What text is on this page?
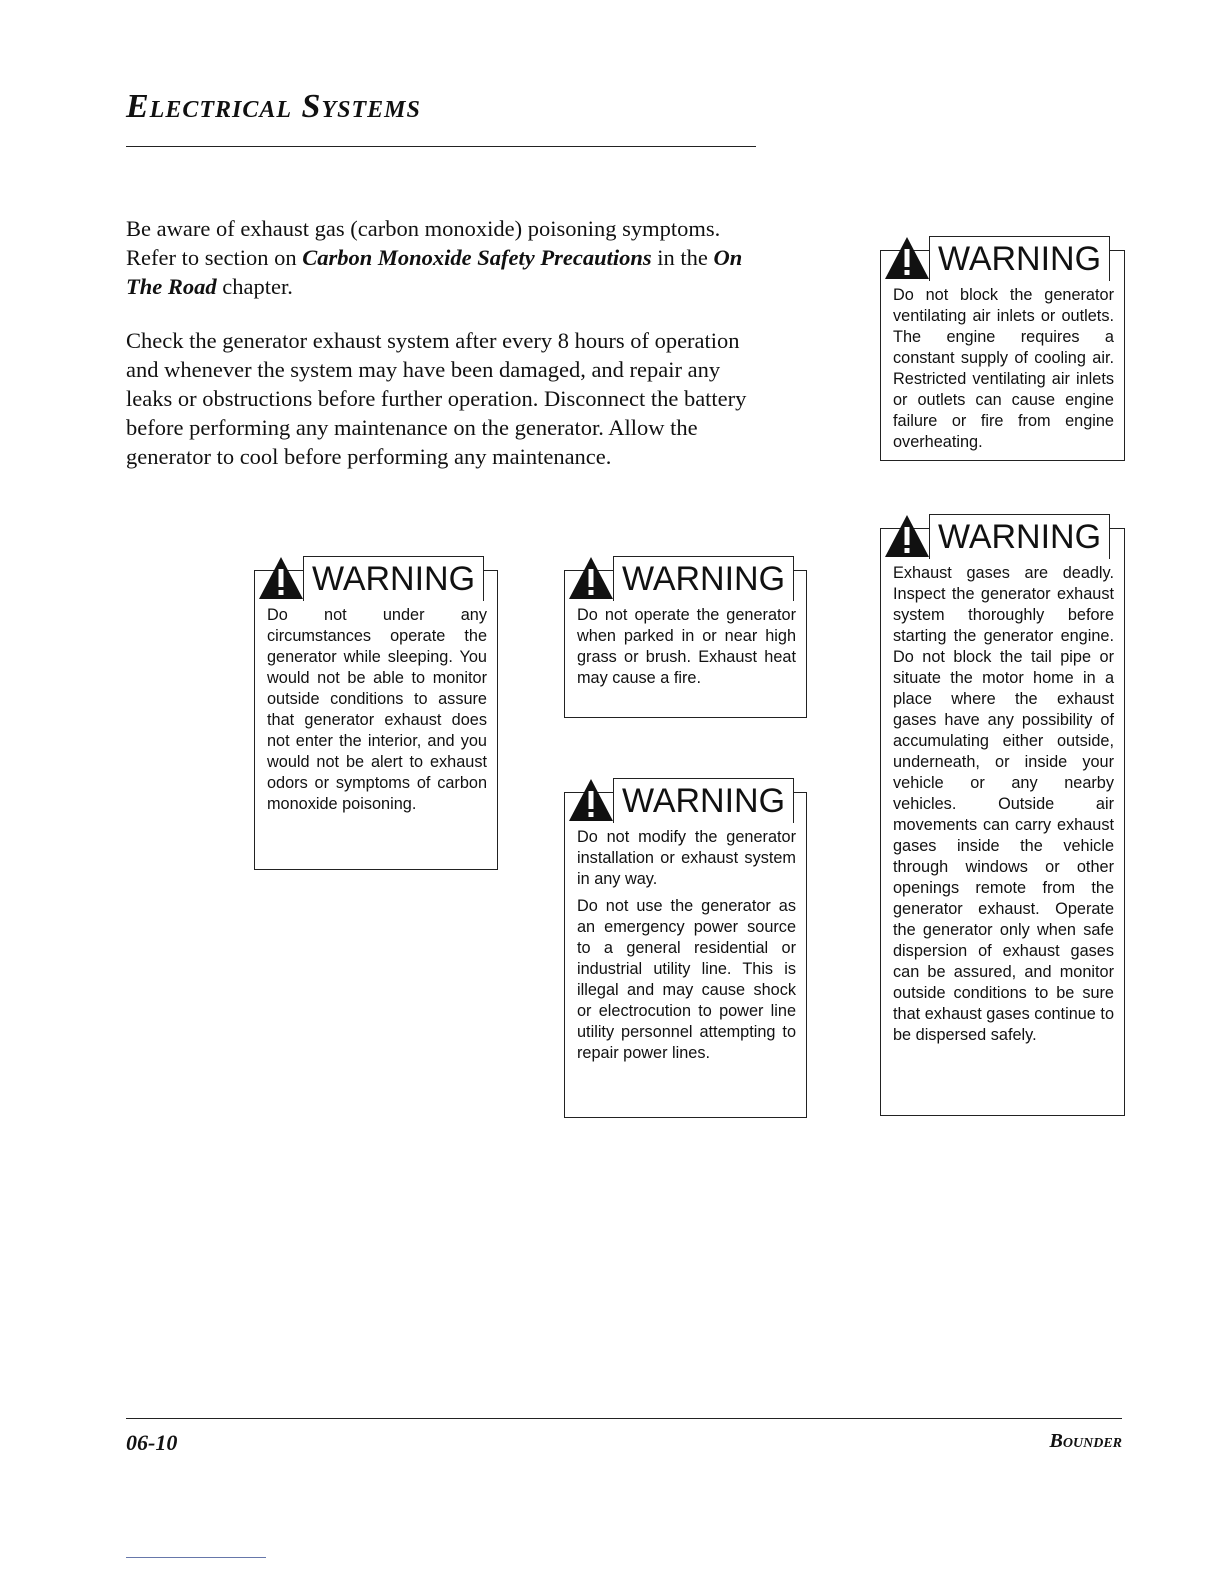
Electrical Systems

Be aware of exhaust gas (carbon monoxide) poisoning symptoms. Refer to section on Carbon Monoxide Safety Precautions in the On The Road chapter.

Check the generator exhaust system after every 8 hours of operation and whenever the system may have been damaged, and repair any leaks or obstructions before further operation. Disconnect the battery before performing any maintenance on the generator. Allow the generator to cool before performing any maintenance.

WARNING

Do not under any circumstances operate the generator while sleeping. You would not be able to monitor outside conditions to assure that generator exhaust does not enter the interior, and you would not be alert to exhaust odors or symptoms of carbon monoxide poisoning.

WARNING

Do not operate the generator when parked in or near high grass or brush. Exhaust heat may cause a fire.

WARNING

Do not modify the generator installation or exhaust system in any way.

Do not use the generator as an emergency power source to a general residential or industrial utility line. This is illegal and may cause shock or electrocution to power line utility personnel attempting to repair power lines.

WARNING

Do not block the generator ventilating air inlets or outlets. The engine requires a constant supply of cooling air. Restricted ventilating air inlets or outlets can cause engine failure or fire from engine overheating.

WARNING

Exhaust gases are deadly. Inspect the generator exhaust system thoroughly before starting the generator engine. Do not block the tail pipe or situate the motor home in a place where the exhaust gases have any possibility of accumulating either outside, underneath, or inside your vehicle or any nearby vehicles. Outside air movements can carry exhaust gases inside the vehicle through windows or other openings remote from the generator exhaust. Operate the generator only when safe dispersion of exhaust gases can be assured, and monitor outside conditions to be sure that exhaust gases continue to be dispersed safely.

06-10	Bounder
